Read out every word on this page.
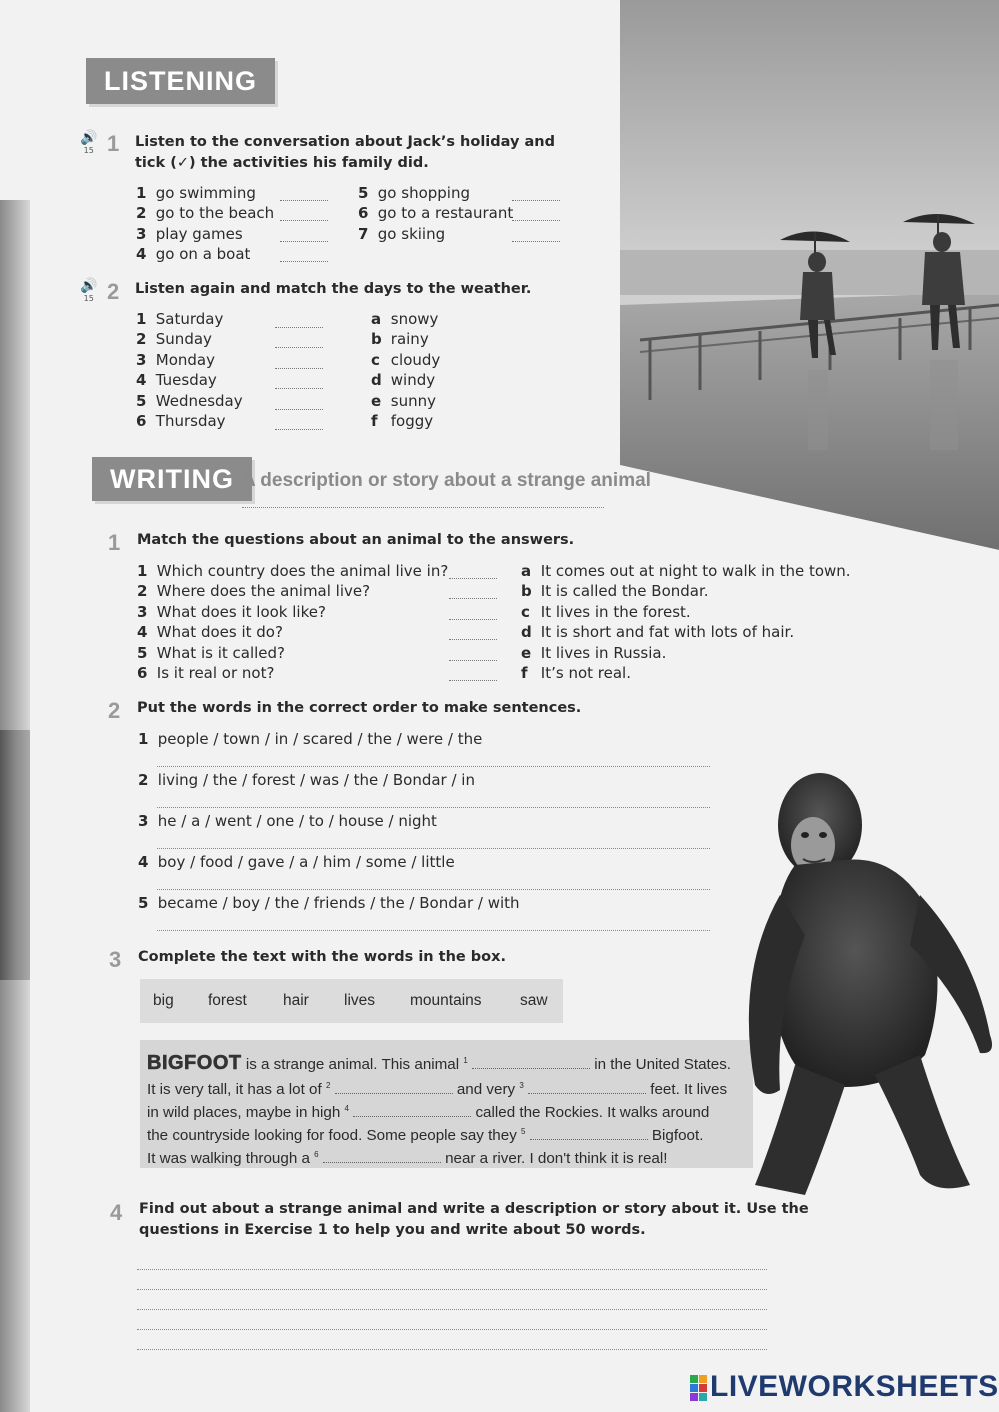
LISTENING
🔊
15 1 Listen to the conversation about Jack’s holiday and
tick (✓) the activities his family did.
1 go swimming
2 go to the beach
3 play games
4 go on a boat
5 go shopping
6 go to a restaurant
7 go skiing
🔊
15 2 Listen again and match the days to the weather.
1 Saturday
2 Sunday
3 Monday
4 Tuesday
5 Wednesday
6 Thursday
a snowy
b rainy
c cloudy
d windy
e sunny
f foggy
WRITING A description or story about a strange animal
1 Match the questions about an animal to the answers.
1 Which country does the animal live in?
2 Where does the animal live?
3 What does it look like?
4 What does it do?
5 What is it called?
6 Is it real or not?
a It comes out at night to walk in the town.
b It is called the Bondar.
c It lives in the forest.
d It is short and fat with lots of hair.
e It lives in Russia.
f It’s not real.
2 Put the words in the correct order to make sentences.
1 people / town / in / scared / the / were / the
2 living / the / forest / was / the / Bondar / in
3 he / a / went / one / to / house / night
4 boy / food / gave / a / him / some / little
5 became / boy / the / friends / the / Bondar / with
3 Complete the text with the words in the box.
big forest hair lives mountains saw
BIGFOOT is a strange animal. This animal $^1$	in the United States.
It is very tall, it has a lot of $^2$	and very $^3$	feet. It lives
in wild places, maybe in high $^4$	called the Rockies. It walks around
the countryside looking for food. Some people say they $^5$	Bigfoot.
It was walking through a $^6$	near a river. I don't think it is real!
4 Find out about a strange animal and write a description or story about it. Use the
questions in Exercise 1 to help you and write about 50 words.
LIVEWORKSHEETS
